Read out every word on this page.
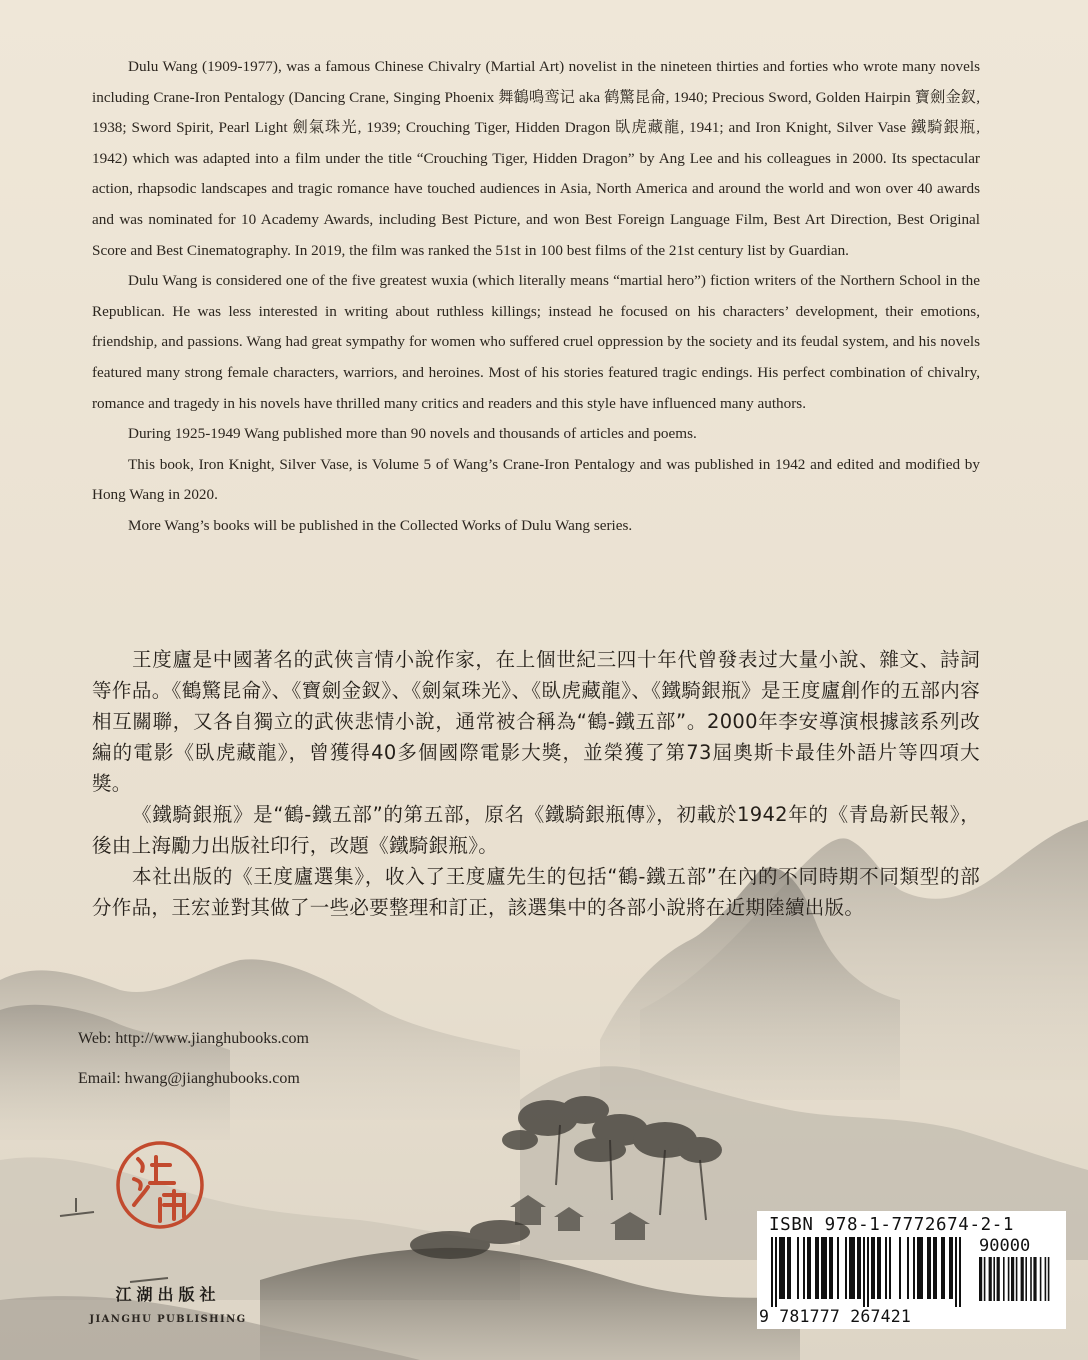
Dulu Wang (1909-1977), was a famous Chinese Chivalry (Martial Art) novelist in the nineteen thirties and forties who wrote many novels including Crane-Iron Pentalogy (Dancing Crane, Singing Phoenix 舞鶴鳴鸾记 aka 鹤驚昆侖, 1940; Precious Sword, Golden Hairpin 寶劍金釵, 1938; Sword Spirit, Pearl Light 劍氣珠光, 1939; Crouching Tiger, Hidden Dragon 臥虎藏龍, 1941; and Iron Knight, Silver Vase 鐵騎銀瓶, 1942) which was adapted into a film under the title “Crouching Tiger, Hidden Dragon” by Ang Lee and his colleagues in 2000. Its spectacular action, rhapsodic landscapes and tragic romance have touched audiences in Asia, North America and around the world and won over 40 awards and was nominated for 10 Academy Awards, including Best Picture, and won Best Foreign Language Film, Best Art Direction, Best Original Score and Best Cinematography. In 2019, the film was ranked the 51st in 100 best films of the 21st century list by Guardian.

Dulu Wang is considered one of the five greatest wuxia (which literally means “martial hero”) fiction writers of the Northern School in the Republican. He was less interested in writing about ruthless killings; instead he focused on his characters’ development, their emotions, friendship, and passions. Wang had great sympathy for women who suffered cruel oppression by the society and its feudal system, and his novels featured many strong female characters, warriors, and heroines. Most of his stories featured tragic endings. His perfect combination of chivalry, romance and tragedy in his novels have thrilled many critics and readers and this style have influenced many authors.

During 1925-1949 Wang published more than 90 novels and thousands of articles and poems.

This book, Iron Knight, Silver Vase, is Volume 5 of Wang’s Crane-Iron Pentalogy and was published in 1942 and edited and modified by Hong Wang in 2020.

More Wang’s books will be published in the Collected Works of Dulu Wang series.

王度廬是中國著名的武俠言情小說作家，在上個世紀三四十年代曾發表过大量小說、雜文、詩詞等作品。《鶴驚昆侖》、《寶劍金釵》、《劍氣珠光》、《臥虎藏龍》、《鐵騎銀瓶》是王度廬創作的五部内容相互關聯，又各自獨立的武俠悲情小說，通常被合稱為“鶴-鐵五部”。2000年李安導演根據該系列改編的電影《臥虎藏龍》，曾獲得40多個國際電影大獎，並榮獲了第73屆奧斯卡最佳外語片等四項大獎。

《鐵騎銀瓶》是“鶴-鐵五部”的第五部，原名《鐵騎銀瓶傳》，初載於1942年的《青島新民報》，後由上海勵力出版社印行，改題《鐵騎銀瓶》。

本社出版的《王度廬選集》，收入了王度廬先生的包括“鶴-鐵五部”在內的不同時期不同類型的部分作品，王宏並對其做了一些必要整理和訂正，該選集中的各部小說將在近期陸續出版。

Web: http://www.jianghubooks.com
Email: hwang@jianghubooks.com
江湖出版社
JIANGHU PUBLISHING
ISBN 978-1-7772674-2-1
90000
9 781777 267421
